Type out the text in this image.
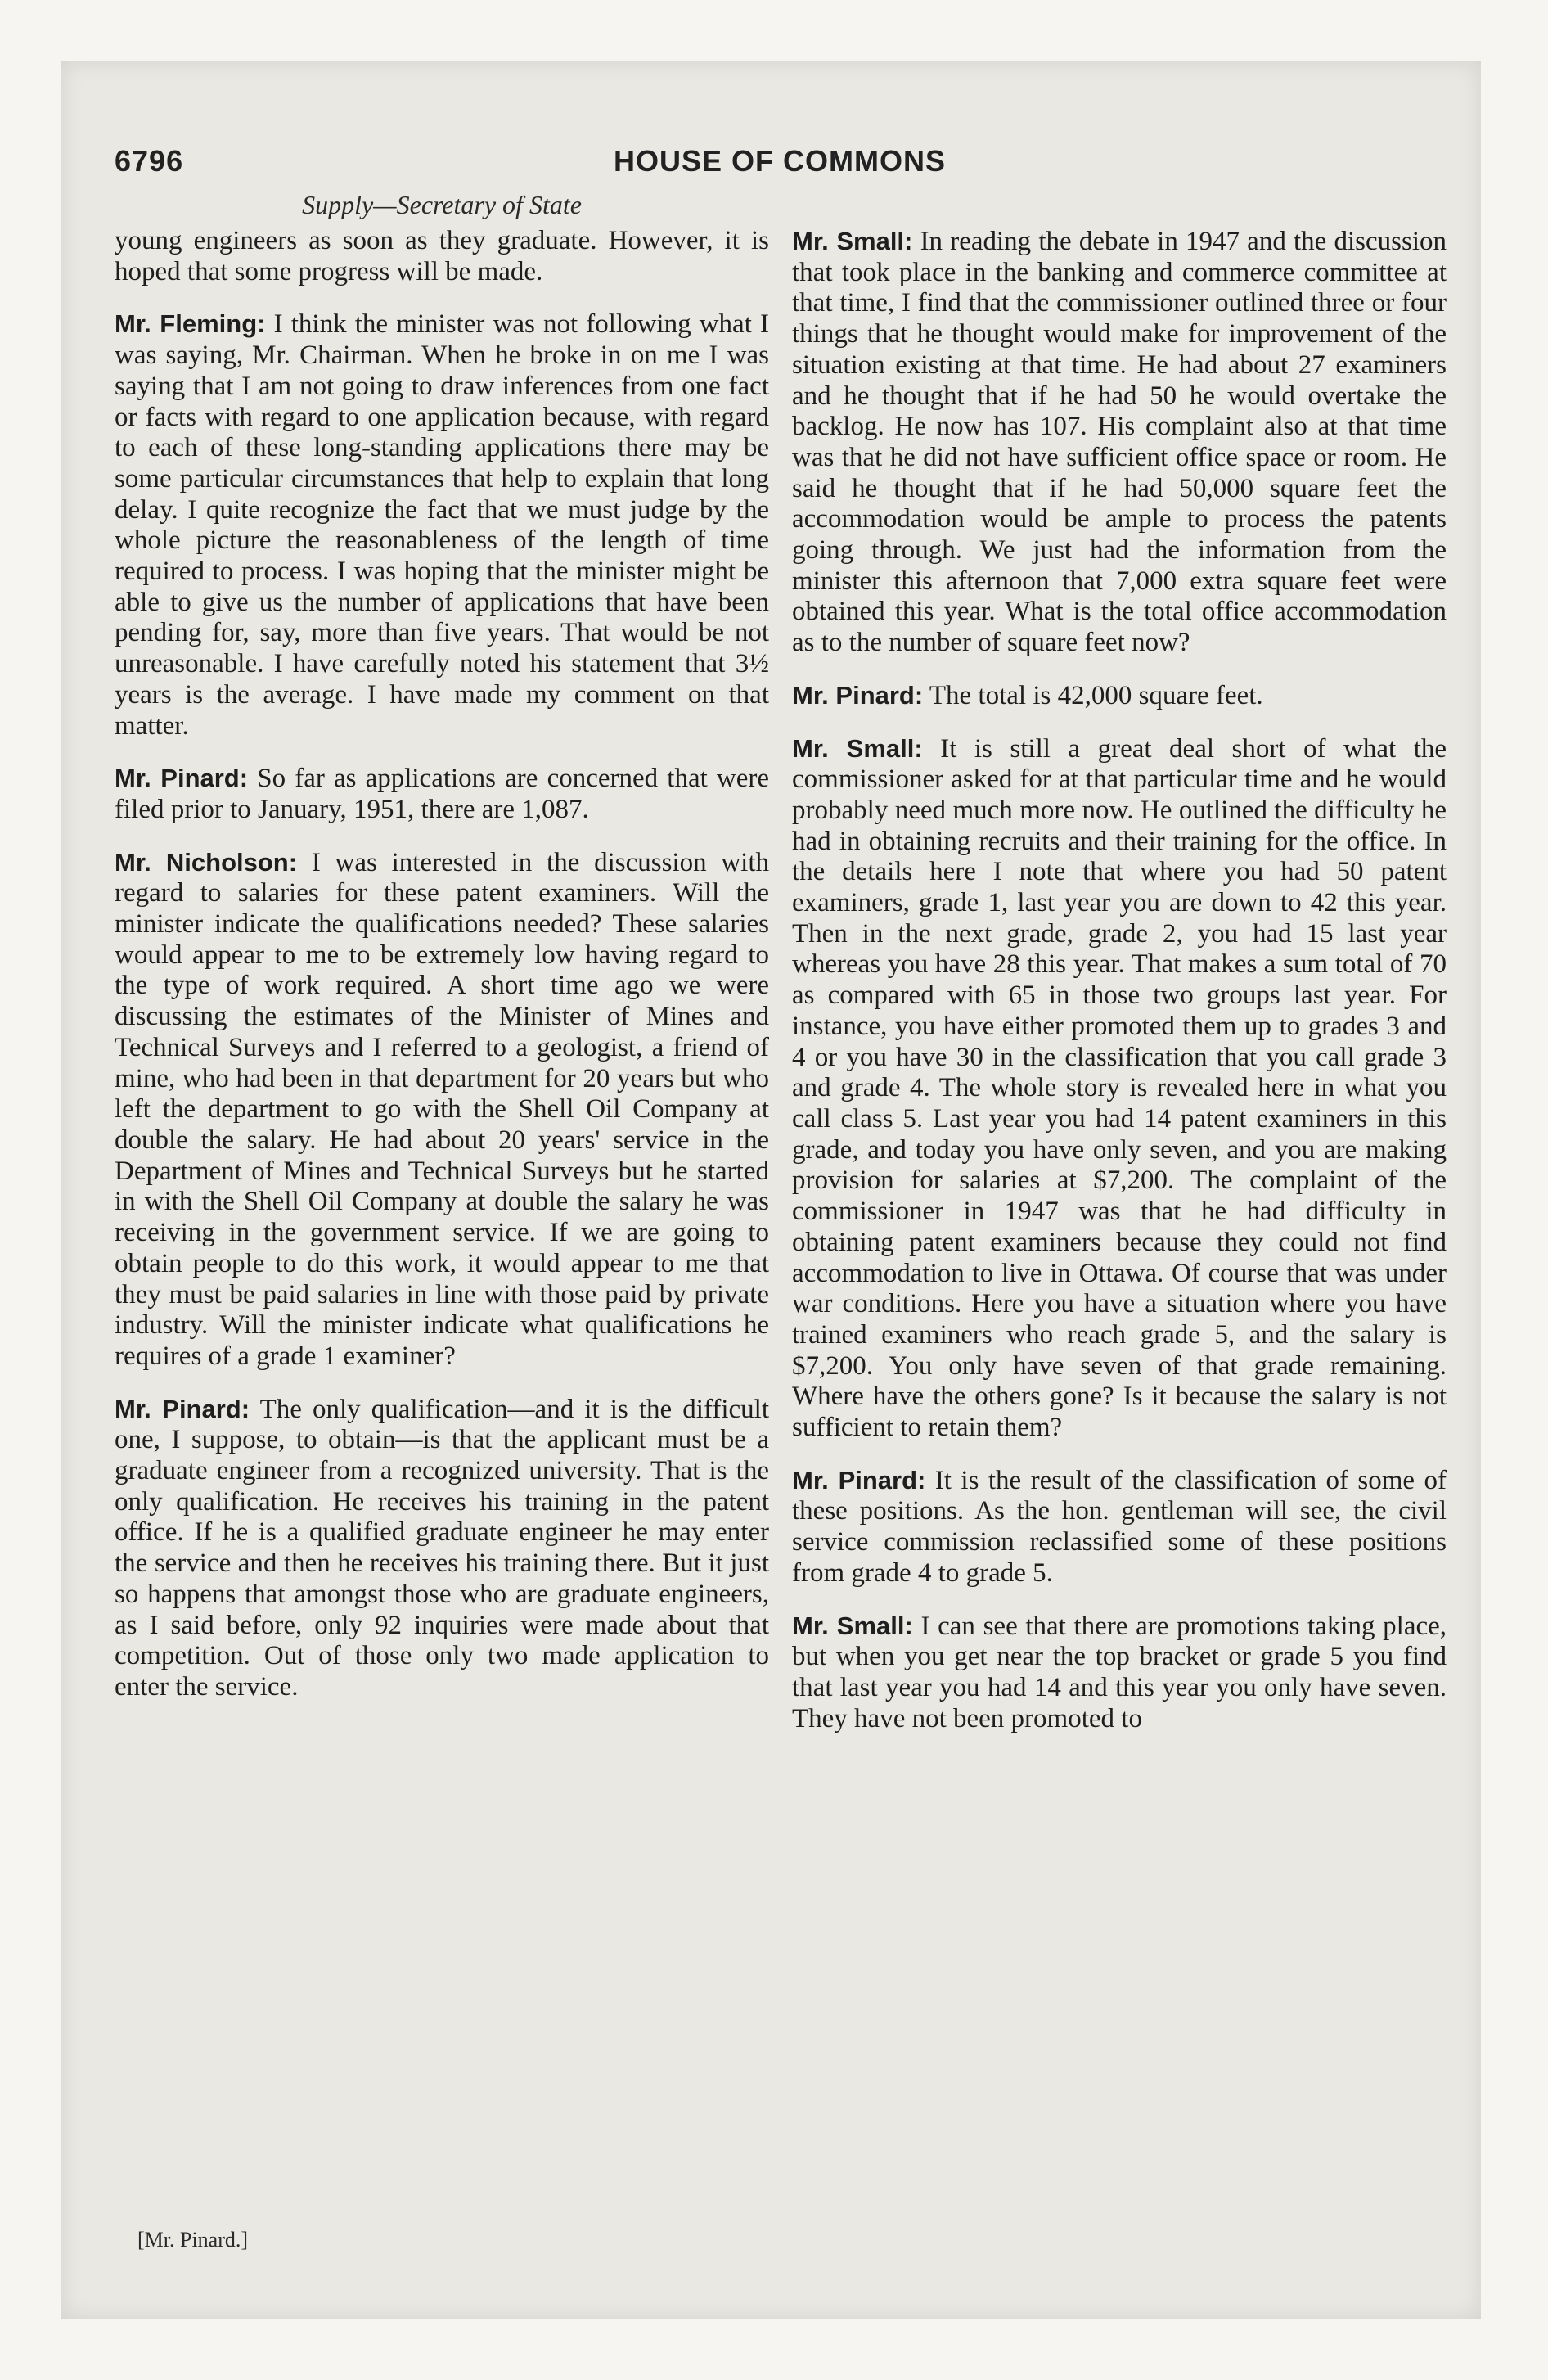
6796	HOUSE OF COMMONS
Supply—Secretary of State

young engineers as soon as they graduate. However, it is hoped that some progress will be made.

Mr. Fleming: I think the minister was not following what I was saying, Mr. Chairman. When he broke in on me I was saying that I am not going to draw inferences from one fact or facts with regard to one application because, with regard to each of these long-standing applications there may be some particular circumstances that help to explain that long delay. I quite recognize the fact that we must judge by the whole picture the reasonableness of the length of time required to process. I was hoping that the minister might be able to give us the number of applications that have been pending for, say, more than five years. That would be not unreasonable. I have carefully noted his statement that 3½ years is the average. I have made my comment on that matter.

Mr. Pinard: So far as applications are concerned that were filed prior to January, 1951, there are 1,087.

Mr. Nicholson: I was interested in the discussion with regard to salaries for these patent examiners. Will the minister indicate the qualifications needed? These salaries would appear to me to be extremely low having regard to the type of work required. A short time ago we were discussing the estimates of the Minister of Mines and Technical Surveys and I referred to a geologist, a friend of mine, who had been in that department for 20 years but who left the department to go with the Shell Oil Company at double the salary. He had about 20 years' service in the Department of Mines and Technical Surveys but he started in with the Shell Oil Company at double the salary he was receiving in the government service. If we are going to obtain people to do this work, it would appear to me that they must be paid salaries in line with those paid by private industry. Will the minister indicate what qualifications he requires of a grade 1 examiner?

Mr. Pinard: The only qualification—and it is the difficult one, I suppose, to obtain—is that the applicant must be a graduate engineer from a recognized university. That is the only qualification. He receives his training in the patent office. If he is a qualified graduate engineer he may enter the service and then he receives his training there. But it just so happens that amongst those who are graduate engineers, as I said before, only 92 inquiries were made about that competition. Out of those only two made application to enter the service.

Mr. Small: In reading the debate in 1947 and the discussion that took place in the banking and commerce committee at that time, I find that the commissioner outlined three or four things that he thought would make for improvement of the situation existing at that time. He had about 27 examiners and he thought that if he had 50 he would overtake the backlog. He now has 107. His complaint also at that time was that he did not have sufficient office space or room. He said he thought that if he had 50,000 square feet the accommodation would be ample to process the patents going through. We just had the information from the minister this afternoon that 7,000 extra square feet were obtained this year. What is the total office accommodation as to the number of square feet now?

Mr. Pinard: The total is 42,000 square feet.

Mr. Small: It is still a great deal short of what the commissioner asked for at that particular time and he would probably need much more now. He outlined the difficulty he had in obtaining recruits and their training for the office. In the details here I note that where you had 50 patent examiners, grade 1, last year you are down to 42 this year. Then in the next grade, grade 2, you had 15 last year whereas you have 28 this year. That makes a sum total of 70 as compared with 65 in those two groups last year. For instance, you have either promoted them up to grades 3 and 4 or you have 30 in the classification that you call grade 3 and grade 4. The whole story is revealed here in what you call class 5. Last year you had 14 patent examiners in this grade, and today you have only seven, and you are making provision for salaries at $7,200. The complaint of the commissioner in 1947 was that he had difficulty in obtaining patent examiners because they could not find accommodation to live in Ottawa. Of course that was under war conditions. Here you have a situation where you have trained examiners who reach grade 5, and the salary is $7,200. You only have seven of that grade remaining. Where have the others gone? Is it because the salary is not sufficient to retain them?

Mr. Pinard: It is the result of the classification of some of these positions. As the hon. gentleman will see, the civil service commission reclassified some of these positions from grade 4 to grade 5.

Mr. Small: I can see that there are promotions taking place, but when you get near the top bracket or grade 5 you find that last year you had 14 and this year you only have seven. They have not been promoted to

[Mr. Pinard.]
